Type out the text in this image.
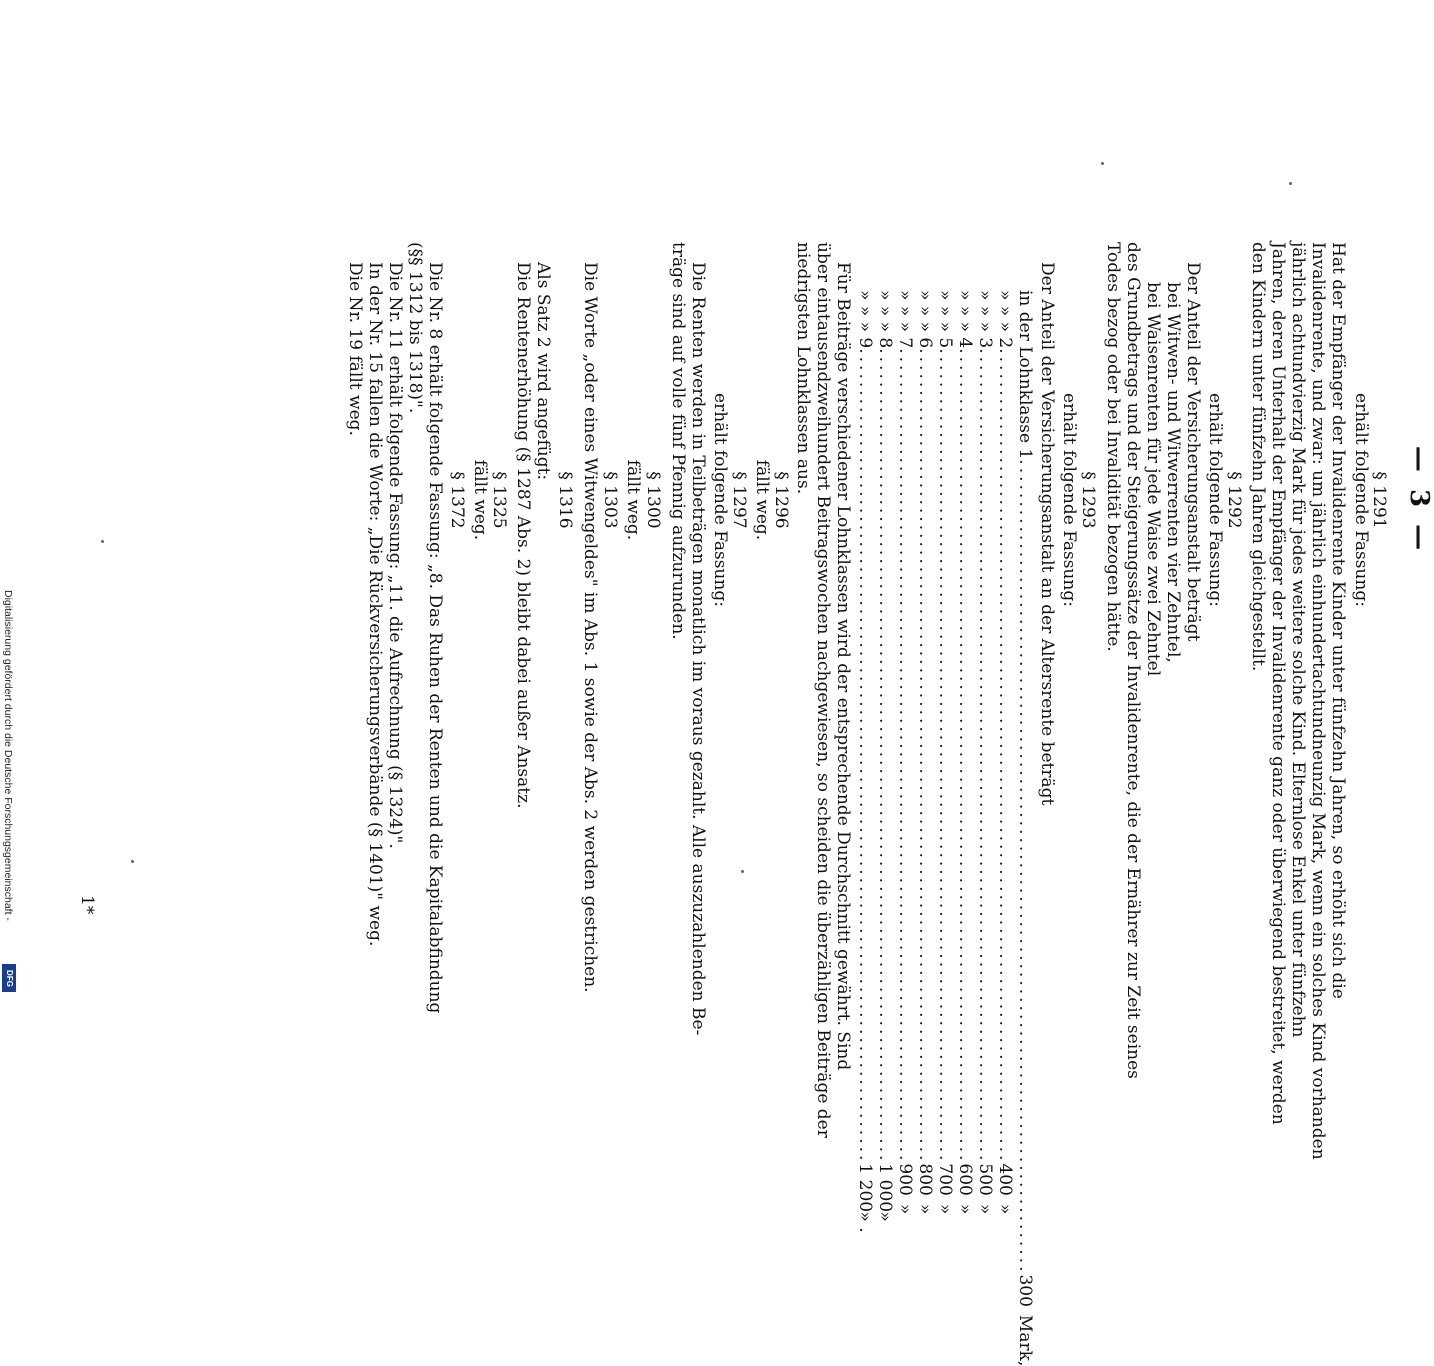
— 3 —
§ 1291
erhält folgende Fassung:
Hat der Empfänger der Invalidenrente Kinder unter fünfzehn Jahren, so erhöht sich die
Invalidenrente, und zwar: um jährlich einhundertachtundneunzig Mark, wenn ein solches Kind vorhanden
jährlich achtundvierzig Mark für jedes weitere solche Kind. Elternlose Enkel unter fünfzehn
Jahren, deren Unterhalt der Empfänger der Invalidenrente ganz oder überwiegend bestreitet, werden
den Kindern unter fünfzehn Jahren gleichgestellt.
§ 1292
erhält folgende Fassung:
Der Anteil der Versicherungsanstalt beträgt
bei Witwen- und Witwerrenten vier Zehntel,
bei Waisenrenten für jede Waise zwei Zehntel
des Grundbetrags und der Steigerungssätze der Invalidenrente, die der Ernährer zur Zeit seines
Todes bezog oder bei Invalidität bezogen hätte.
§ 1293
erhält folgende Fassung:
Der Anteil der Versicherungsanstalt an der Altersrente beträgt
in der Lohnklasse 1
.................................................................................................
300
Mark,
» » » 2
.................................................................................................
400
»
» » » 3
.................................................................................................
500
»
» » » 4
.................................................................................................
600
»
» » » 5
.................................................................................................
700
»
» » » 6
.................................................................................................
800
»
» » » 7
.................................................................................................
900
»
» » » 8
.................................................................................................
1 000
»
» » » 9
.................................................................................................
1 200
» .
Für Beiträge verschiedener Lohnklassen wird der entsprechende Durchschnitt gewährt. Sind
über eintausendzweihundert Beitragswochen nachgewiesen, so scheiden die überzähligen Beiträge der
niedrigsten Lohnklassen aus.
§ 1296
fällt weg.
§ 1297
erhält folgende Fassung:
Die Renten werden in Teilbeträgen monatlich im voraus gezahlt. Alle auszuzahlenden Be-
träge sind auf volle fünf Pfennig aufzurunden.
§ 1300
fällt weg.
§ 1303
Die Worte „oder eines Witwengeldes" im Abs. 1 sowie der Abs. 2 werden gestrichen.
§ 1316
Als Satz 2 wird angefügt:
Die Rentenerhöhung (§ 1287 Abs. 2) bleibt dabei außer Ansatz.
§ 1325
fällt weg.
§ 1372
Die Nr. 8 erhält folgende Fassung: „8. Das Ruhen der Renten und die Kapitalabfindung
(§§ 1312 bis 1318)".
Die Nr. 11 erhält folgende Fassung: „11. die Aufrechnung (§ 1324)".
In der Nr. 15 fallen die Worte: „Die Rückversicherungsverbände (§ 1401)" weg.
Die Nr. 19 fällt weg.
1*
Digitalisierung gefördert durch die Deutsche Forschungsgemeinschaft -
DFG
